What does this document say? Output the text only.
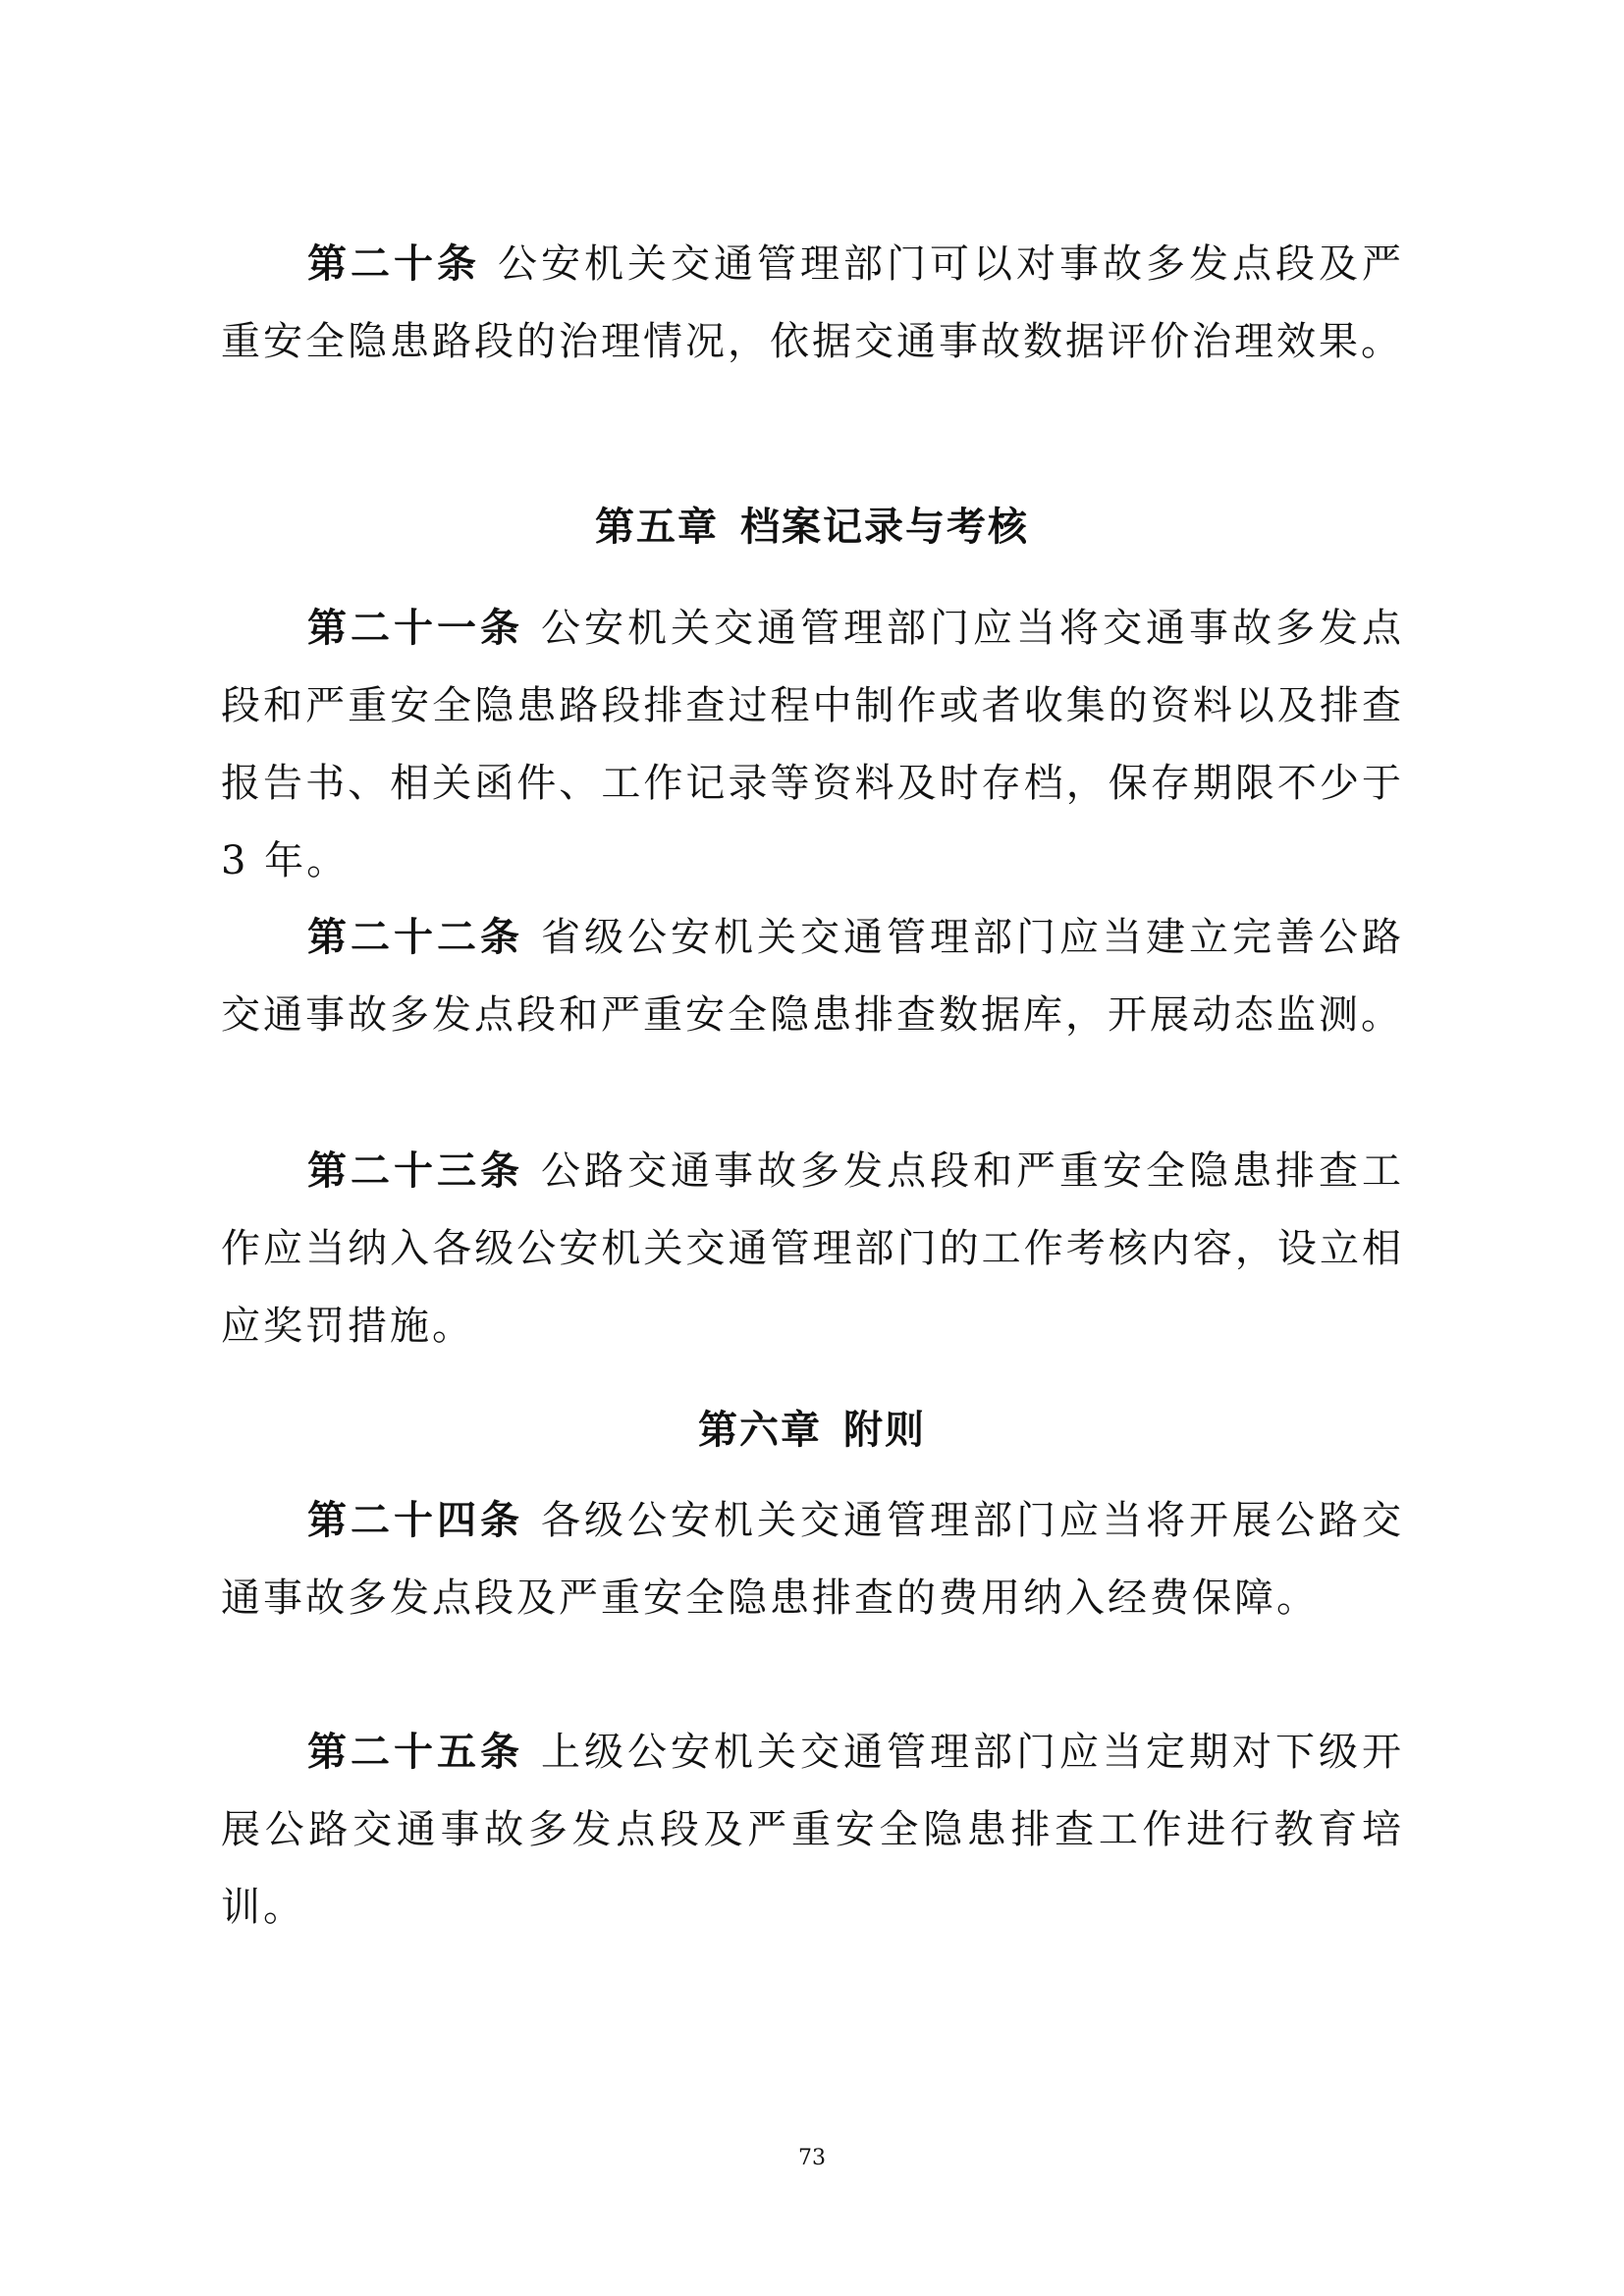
第二十条 公安机关交通管理部门可以对事故多发点段及严重安全隐患路段的治理情况，依据交通事故数据评价治理效果。

第五章 档案记录与考核

第二十一条 公安机关交通管理部门应当将交通事故多发点段和严重安全隐患路段排查过程中制作或者收集的资料以及排查报告书、相关函件、工作记录等资料及时存档，保存期限不少于 3 年。

第二十二条 省级公安机关交通管理部门应当建立完善公路交通事故多发点段和严重安全隐患排查数据库，开展动态监测。

第二十三条 公路交通事故多发点段和严重安全隐患排查工作应当纳入各级公安机关交通管理部门的工作考核内容，设立相应奖罚措施。

第六章 附则

第二十四条 各级公安机关交通管理部门应当将开展公路交通事故多发点段及严重安全隐患排查的费用纳入经费保障。

第二十五条 上级公安机关交通管理部门应当定期对下级开展公路交通事故多发点段及严重安全隐患排查工作进行教育培训。

73
